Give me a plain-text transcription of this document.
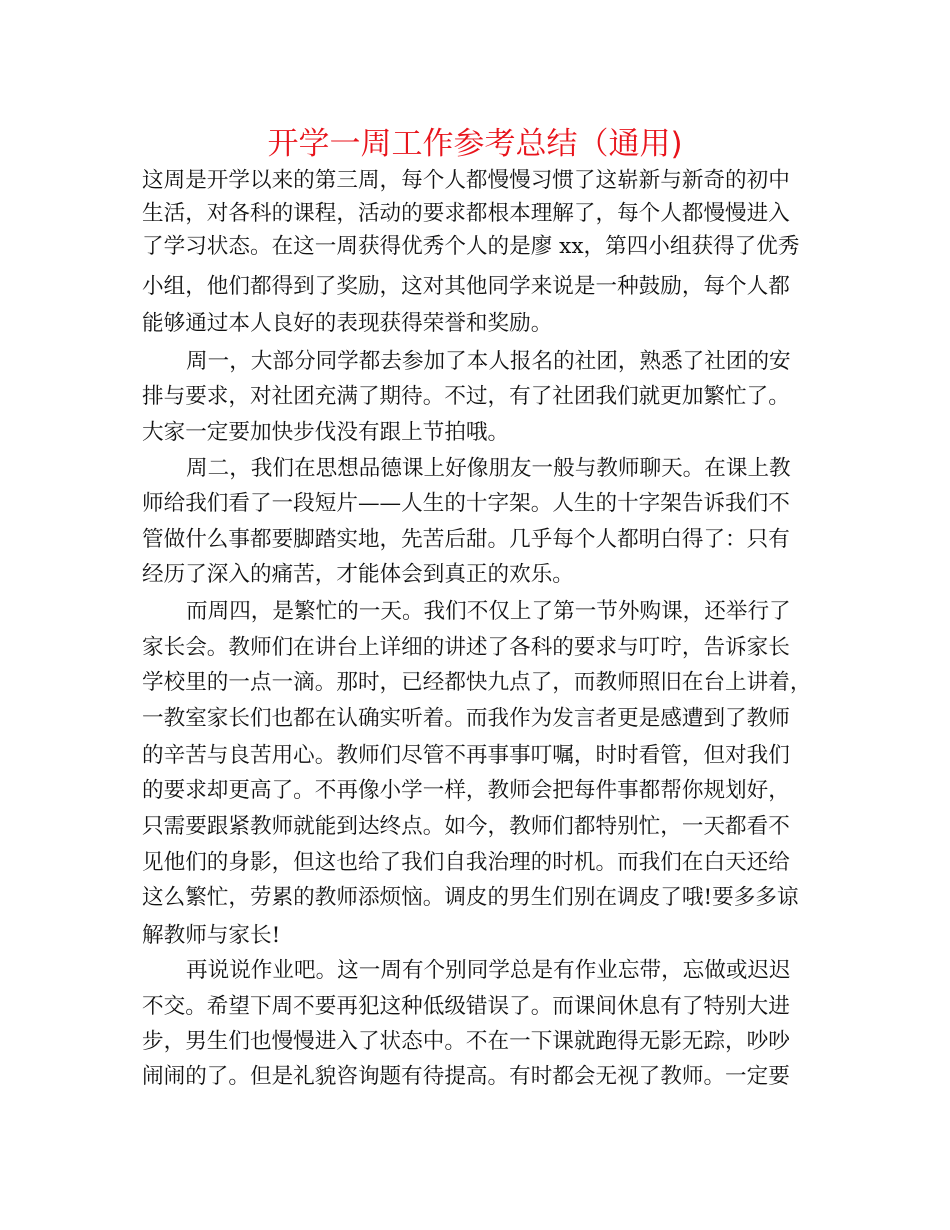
开学一周工作参考总结（通用)
这周是开学以来的第三周，每个人都慢慢习惯了这崭新与新奇的初中
生活，对各科的课程，活动的要求都根本理解了，每个人都慢慢进入
了学习状态。在这一周获得优秀个人的是廖 xx，第四小组获得了优秀
小组，他们都得到了奖励，这对其他同学来说是一种鼓励，每个人都
能够通过本人良好的表现获得荣誉和奖励。
周一，大部分同学都去参加了本人报名的社团，熟悉了社团的安
排与要求，对社团充满了期待。不过，有了社团我们就更加繁忙了。
大家一定要加快步伐没有跟上节拍哦。
周二，我们在思想品德课上好像朋友一般与教师聊天。在课上教
师给我们看了一段短片——人生的十字架。人生的十字架告诉我们不
管做什么事都要脚踏实地，先苦后甜。几乎每个人都明白得了：只有
经历了深入的痛苦，才能体会到真正的欢乐。
而周四，是繁忙的一天。我们不仅上了第一节外购课，还举行了
家长会。教师们在讲台上详细的讲述了各科的要求与叮咛，告诉家长
学校里的一点一滴。那时，已经都快九点了，而教师照旧在台上讲着，
一教室家长们也都在认确实听着。而我作为发言者更是感遭到了教师
的辛苦与良苦用心。教师们尽管不再事事叮嘱，时时看管，但对我们
的要求却更高了。不再像小学一样，教师会把每件事都帮你规划好，
只需要跟紧教师就能到达终点。如今，教师们都特别忙，一天都看不
见他们的身影，但这也给了我们自我治理的时机。而我们在白天还给
这么繁忙，劳累的教师添烦恼。调皮的男生们别在调皮了哦!要多多谅
解教师与家长!
再说说作业吧。这一周有个别同学总是有作业忘带，忘做或迟迟
不交。希望下周不要再犯这种低级错误了。而课间休息有了特别大进
步，男生们也慢慢进入了状态中。不在一下课就跑得无影无踪，吵吵
闹闹的了。但是礼貌咨询题有待提高。有时都会无视了教师。一定要
